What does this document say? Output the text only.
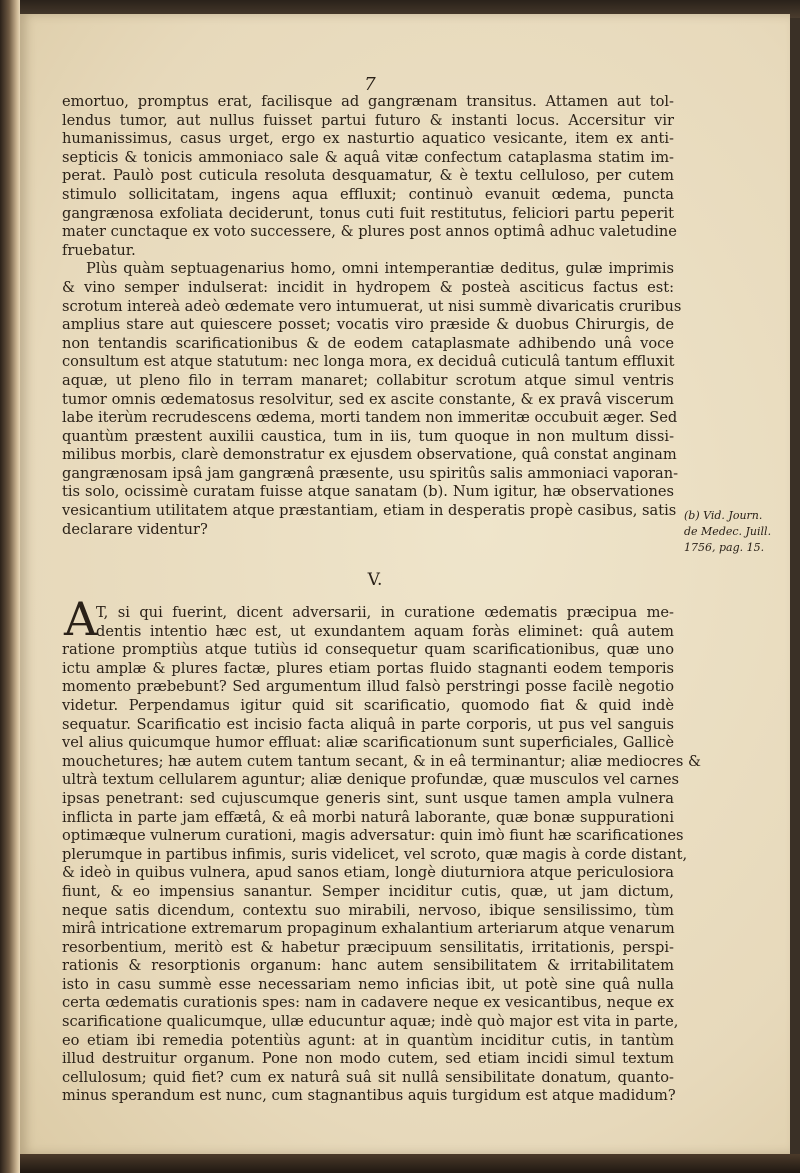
7
emortuo, promptus erat, facilisque ad gangrænam transitus. Attamen aut tol-
lendus tumor, aut nullus fuisset partui futuro & instanti locus. Accersitur vir
humanissimus, casus urget, ergo ex nasturtio aquatico vesicante, item ex anti-
septicis & tonicis ammoniaco sale & aquâ vitæ confectum cataplasma statim im-
perat. Paulò post cuticula resoluta desquamatur, & è textu celluloso, per cutem
stimulo sollicitatam, ingens aqua effluxit; continuò evanuit œdema, puncta
gangrænosa exfoliata deciderunt, tonus cuti fuit restitutus, feliciori partu peperit
mater cunctaque ex voto successere, & plures post annos optimâ adhuc valetudine
fruebatur.
Plùs quàm septuagenarius homo, omni intemperantiæ deditus, gulæ imprimis
& vino semper indulserat: incidit in hydropem & posteà asciticus factus est:
scrotum intereà adeò œdemate vero intumuerat, ut nisi summè divaricatis cruribus
amplius stare aut quiescere posset; vocatis viro præside & duobus Chirurgis, de
non tentandis scarificationibus & de eodem cataplasmate adhibendo unâ voce
consultum est atque statutum: nec longa mora, ex deciduâ cuticulâ tantum effluxit
aquæ, ut pleno filo in terram manaret; collabitur scrotum atque simul ventris
tumor omnis œdematosus resolvitur, sed ex ascite constante, & ex pravâ viscerum
labe iterùm recrudescens œdema, morti tandem non immeritæ occubuit æger. Sed
quantùm præstent auxilii caustica, tum in iis, tum quoque in non multum dissi-
milibus morbis, clarè demonstratur ex ejusdem observatione, quâ constat anginam
gangrænosam ipsâ jam gangrænâ præsente, usu spiritûs salis ammoniaci vaporan-
tis solo, ocissimè curatam fuisse atque sanatam (b). Num igitur, hæ observationes
vesicantium utilitatem atque præstantiam, etiam in desperatis propè casibus, satis
declarare videntur?
(b) Vid. Journ.
de Medec. Juill.
1756, pag. 15.
V.
A
T, si qui fuerint, dicent adversarii, in curatione œdematis præcipua me-
dentis intentio hæc est, ut exundantem aquam foràs eliminet: quâ autem
ratione promptiùs atque tutiùs id consequetur quam scarificationibus, quæ uno
ictu amplæ & plures factæ, plures etiam portas fluido stagnanti eodem temporis
momento præbebunt? Sed argumentum illud falsò perstringi posse facilè negotio
videtur. Perpendamus igitur quid sit scarificatio, quomodo fiat & quid indè
sequatur. Scarificatio est incisio facta aliquâ in parte corporis, ut pus vel sanguis
vel alius quicumque humor effluat: aliæ scarificationum sunt superficiales, Gallicè
mouchetures; hæ autem cutem tantum secant, & in eâ terminantur; aliæ mediocres &
ultrà textum cellularem aguntur; aliæ denique profundæ, quæ musculos vel carnes
ipsas penetrant: sed cujuscumque generis sint, sunt usque tamen ampla vulnera
inflicta in parte jam effætâ, & eâ morbi naturâ laborante, quæ bonæ suppurationi
optimæque vulnerum curationi, magis adversatur: quin imò fiunt hæ scarificationes
plerumque in partibus infimis, suris videlicet, vel scroto, quæ magis à corde distant,
& ideò in quibus vulnera, apud sanos etiam, longè diuturniora atque periculosiora
fiunt, & eo impensius sanantur. Semper inciditur cutis, quæ, ut jam dictum,
neque satis dicendum, contextu suo mirabili, nervoso, ibique sensilissimo, tùm
mirâ intricatione extremarum propaginum exhalantium arteriarum atque venarum
resorbentium, meritò est & habetur præcipuum sensilitatis, irritationis, perspi-
rationis & resorptionis organum: hanc autem sensibilitatem & irritabilitatem
isto in casu summè esse necessariam nemo inficias ibit, ut potè sine quâ nulla
certa œdematis curationis spes: nam in cadavere neque ex vesicantibus, neque ex
scarificatione qualicumque, ullæ educuntur aquæ; indè quò major est vita in parte,
eo etiam ibi remedia potentiùs agunt: at in quantùm inciditur cutis, in tantùm
illud destruitur organum. Pone non modo cutem, sed etiam incidi simul textum
cellulosum; quid fiet? cum ex naturâ suâ sit nullâ sensibilitate donatum, quanto-
minus sperandum est nunc, cum stagnantibus aquis turgidum est atque madidum?
